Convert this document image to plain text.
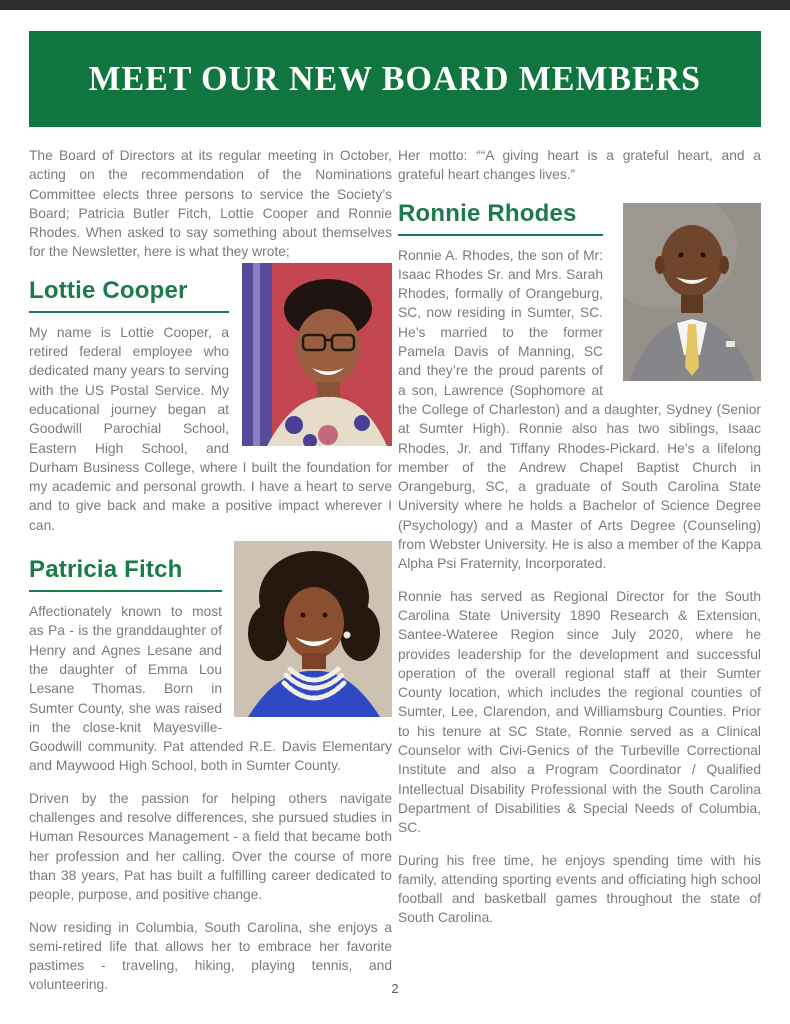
MEET OUR NEW BOARD MEMBERS

The Board of Directors at its regular meeting in October, acting on the recommendation of the Nominations Committee elects three persons to service the Society’s Board; Patricia Butler Fitch, Lottie Cooper and Ronnie Rhodes. When asked to say something about themselves for the Newsletter, here is what they wrote;

Lottie Cooper

My name is Lottie Cooper, a retired federal employee who dedicated many years to serving with the US Postal Service. My educational journey began at Goodwill Parochial School, Eastern High School, and Durham Business College, where I built the foundation for my academic and personal growth. I have a heart to serve and to give back and make a positive impact wherever I can.

Patricia Fitch

Affectionately known to most as Pa - is the granddaughter of Henry and Agnes Lesane and the daughter of Emma Lou Lesane Thomas. Born in Sumter County, she was raised in the close-knit Mayesville-Goodwill community. Pat attended R.E. Davis Elementary and Maywood High School, both in Sumter County.

Driven by the passion for helping others navigate challenges and resolve differences, she pursued studies in Human Resources Management - a field that became both her profession and her calling. Over the course of more than 38 years, Pat has built a fulfilling career dedicated to people, purpose, and positive change.

Now residing in Columbia, South Carolina, she enjoys a semi-retired life that allows her to embrace her favorite pastimes - traveling, hiking, playing tennis, and volunteering.

Her motto: ““A giving heart is a grateful heart, and a grateful heart changes lives.”

Ronnie Rhodes

Ronnie A. Rhodes, the son of Mr: Isaac Rhodes Sr. and Mrs. Sarah Rhodes, formally of Orangeburg, SC, now residing in Sumter, SC. He’s married to the former Pamela Davis of Manning, SC and they’re the proud parents of a son, Lawrence (Sophomore at the College of Charleston) and a daughter, Sydney (Senior at Sumter High). Ronnie also has two siblings, Isaac Rhodes, Jr. and Tiffany Rhodes-Pickard. He’s a lifelong member of the Andrew Chapel Baptist Church in Orangeburg, SC, a graduate of South Carolina State University where he holds a Bachelor of Science Degree (Psychology) and a Master of Arts Degree (Counseling) from Webster University. He is also a member of the Kappa Alpha Psi Fraternity, Incorporated.

Ronnie has served as Regional Director for the South Carolina State University 1890 Research & Extension, Santee-Wateree Region since July 2020, where he provides leadership for the development and successful operation of the overall regional staff at their Sumter County location, which includes the regional counties of Sumter, Lee, Clarendon, and Williamsburg Counties. Prior to his tenure at SC State, Ronnie served as a Clinical Counselor with Civi-Genics of the Turbeville Correctional Institute and also a Program Coordinator / Qualified Intellectual Disability Professional with the South Carolina Department of Disabilities & Special Needs of Columbia, SC.

During his free time, he enjoys spending time with his family, attending sporting events and officiating high school football and basketball games throughout the state of South Carolina.

2
